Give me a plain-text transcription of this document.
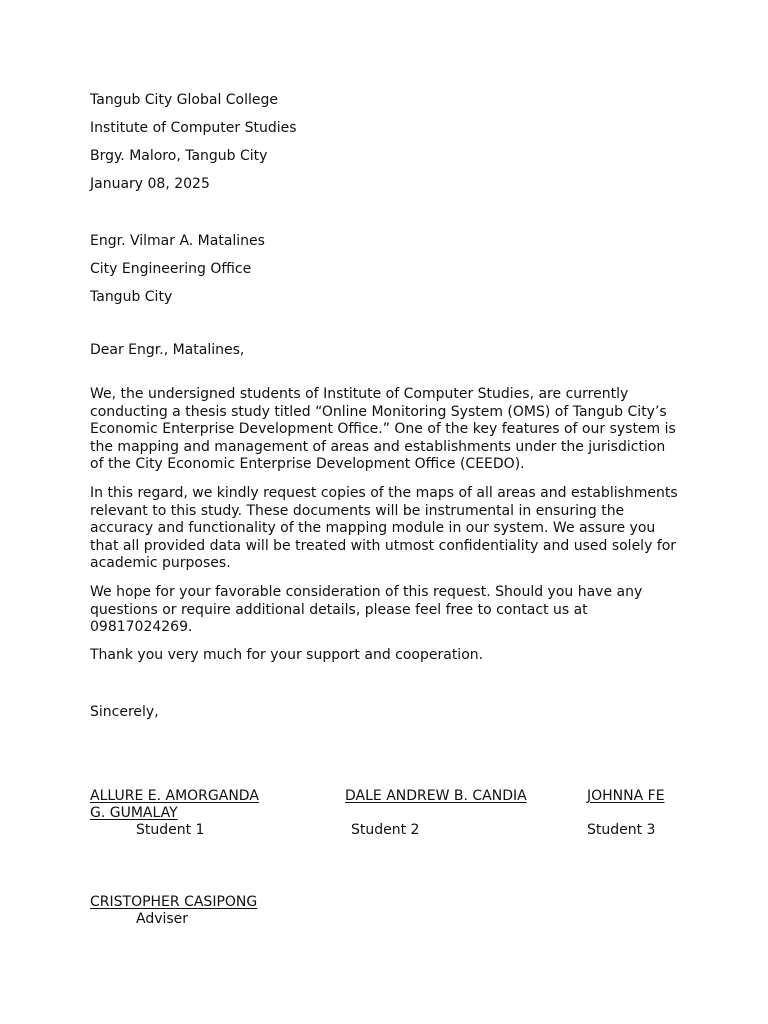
Tangub City Global College
Institute of Computer Studies
Brgy. Maloro, Tangub City
January 08, 2025
Engr. Vilmar A. Matalines
City Engineering Office
Tangub City
Dear Engr., Matalines,
We, the undersigned students of Institute of Computer Studies, are currently conducting a thesis study titled “Online Monitoring System (OMS) of Tangub City’s Economic Enterprise Development Office.” One of the key features of our system is the mapping and management of areas and establishments under the jurisdiction of the City Economic Enterprise Development Office (CEEDO).
In this regard, we kindly request copies of the maps of all areas and establishments relevant to this study. These documents will be instrumental in ensuring the accuracy and functionality of the mapping module in our system. We assure you that all provided data will be treated with utmost confidentiality and used solely for academic purposes.
We hope for your favorable consideration of this request. Should you have any questions or require additional details, please feel free to contact us at 09817024269.
Thank you very much for your support and cooperation.
Sincerely,
ALLURE E. AMORGANDA
G. GUMALAY
Student 1
DALE ANDREW B. CANDIA
Student 2
JOHNNA FE
Student 3
CRISTOPHER CASIPONG
Adviser
